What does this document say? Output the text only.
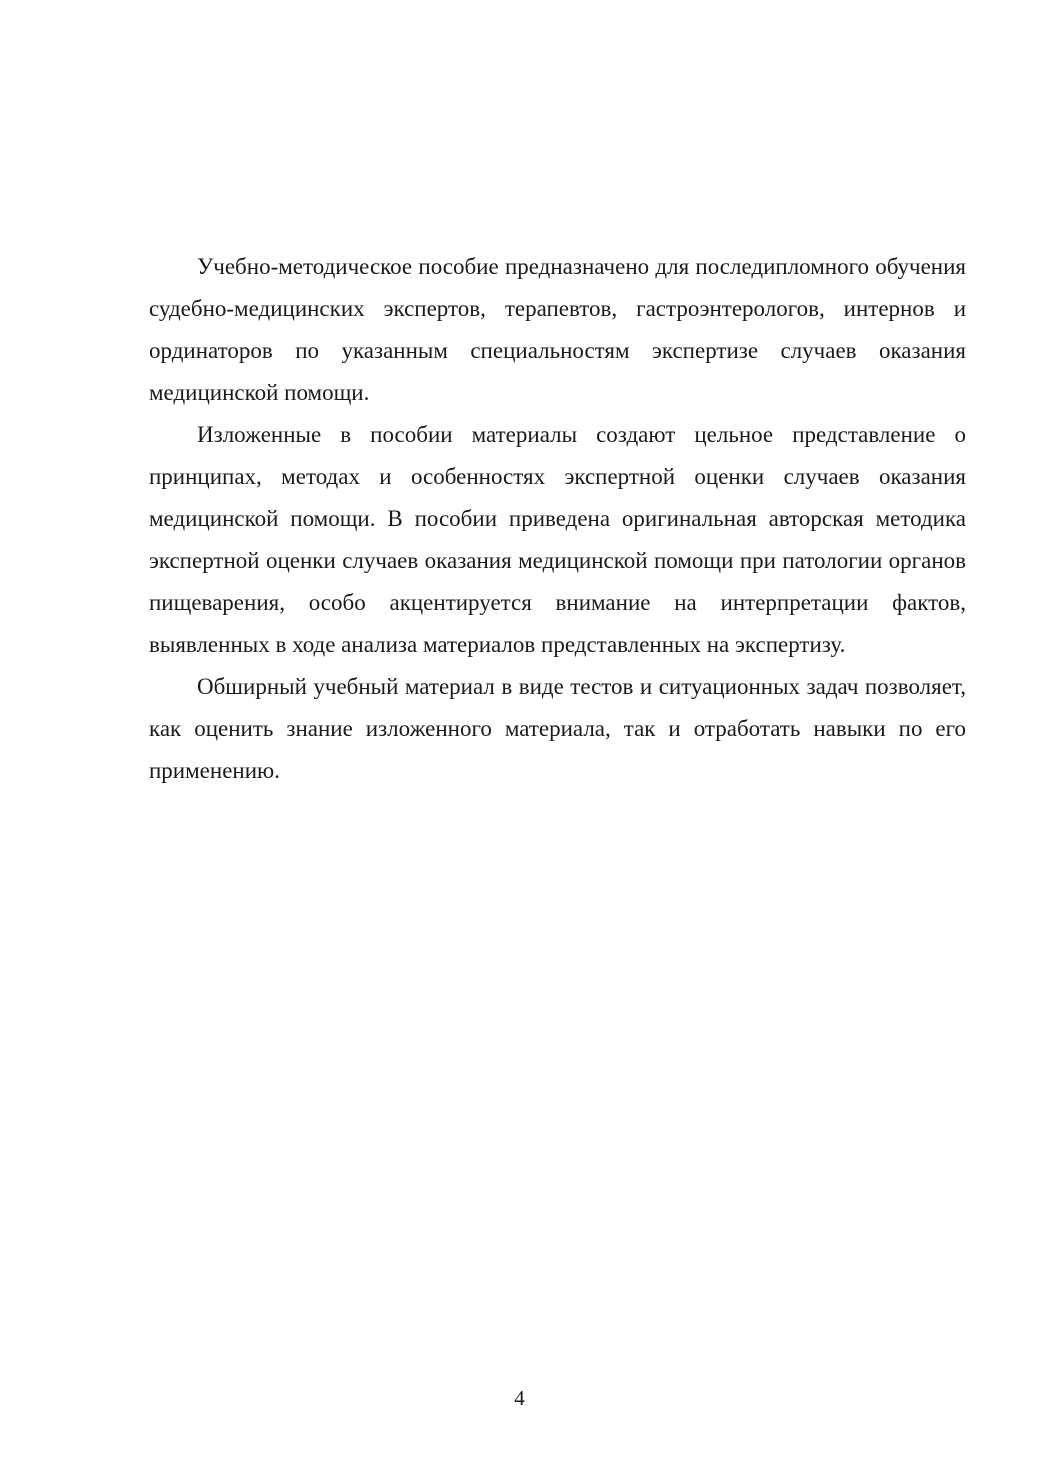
Учебно-методическое пособие предназначено для последипломного обучения судебно-медицинских экспертов, терапевтов, гастроэнтерологов, интернов и ординаторов по указанным специальностям экспертизе случаев оказания медицинской помощи.

Изложенные в пособии материалы создают цельное представление о принципах, методах и особенностях экспертной оценки случаев оказания медицинской помощи. В пособии приведена оригинальная авторская методика экспертной оценки случаев оказания медицинской помощи при патологии органов пищеварения, особо акцентируется внимание на интерпретации фактов, выявленных в ходе анализа материалов представленных на экспертизу.

Обширный учебный материал в виде тестов и ситуационных задач позволяет, как оценить знание изложенного материала, так и отработать навыки по его применению.

4
